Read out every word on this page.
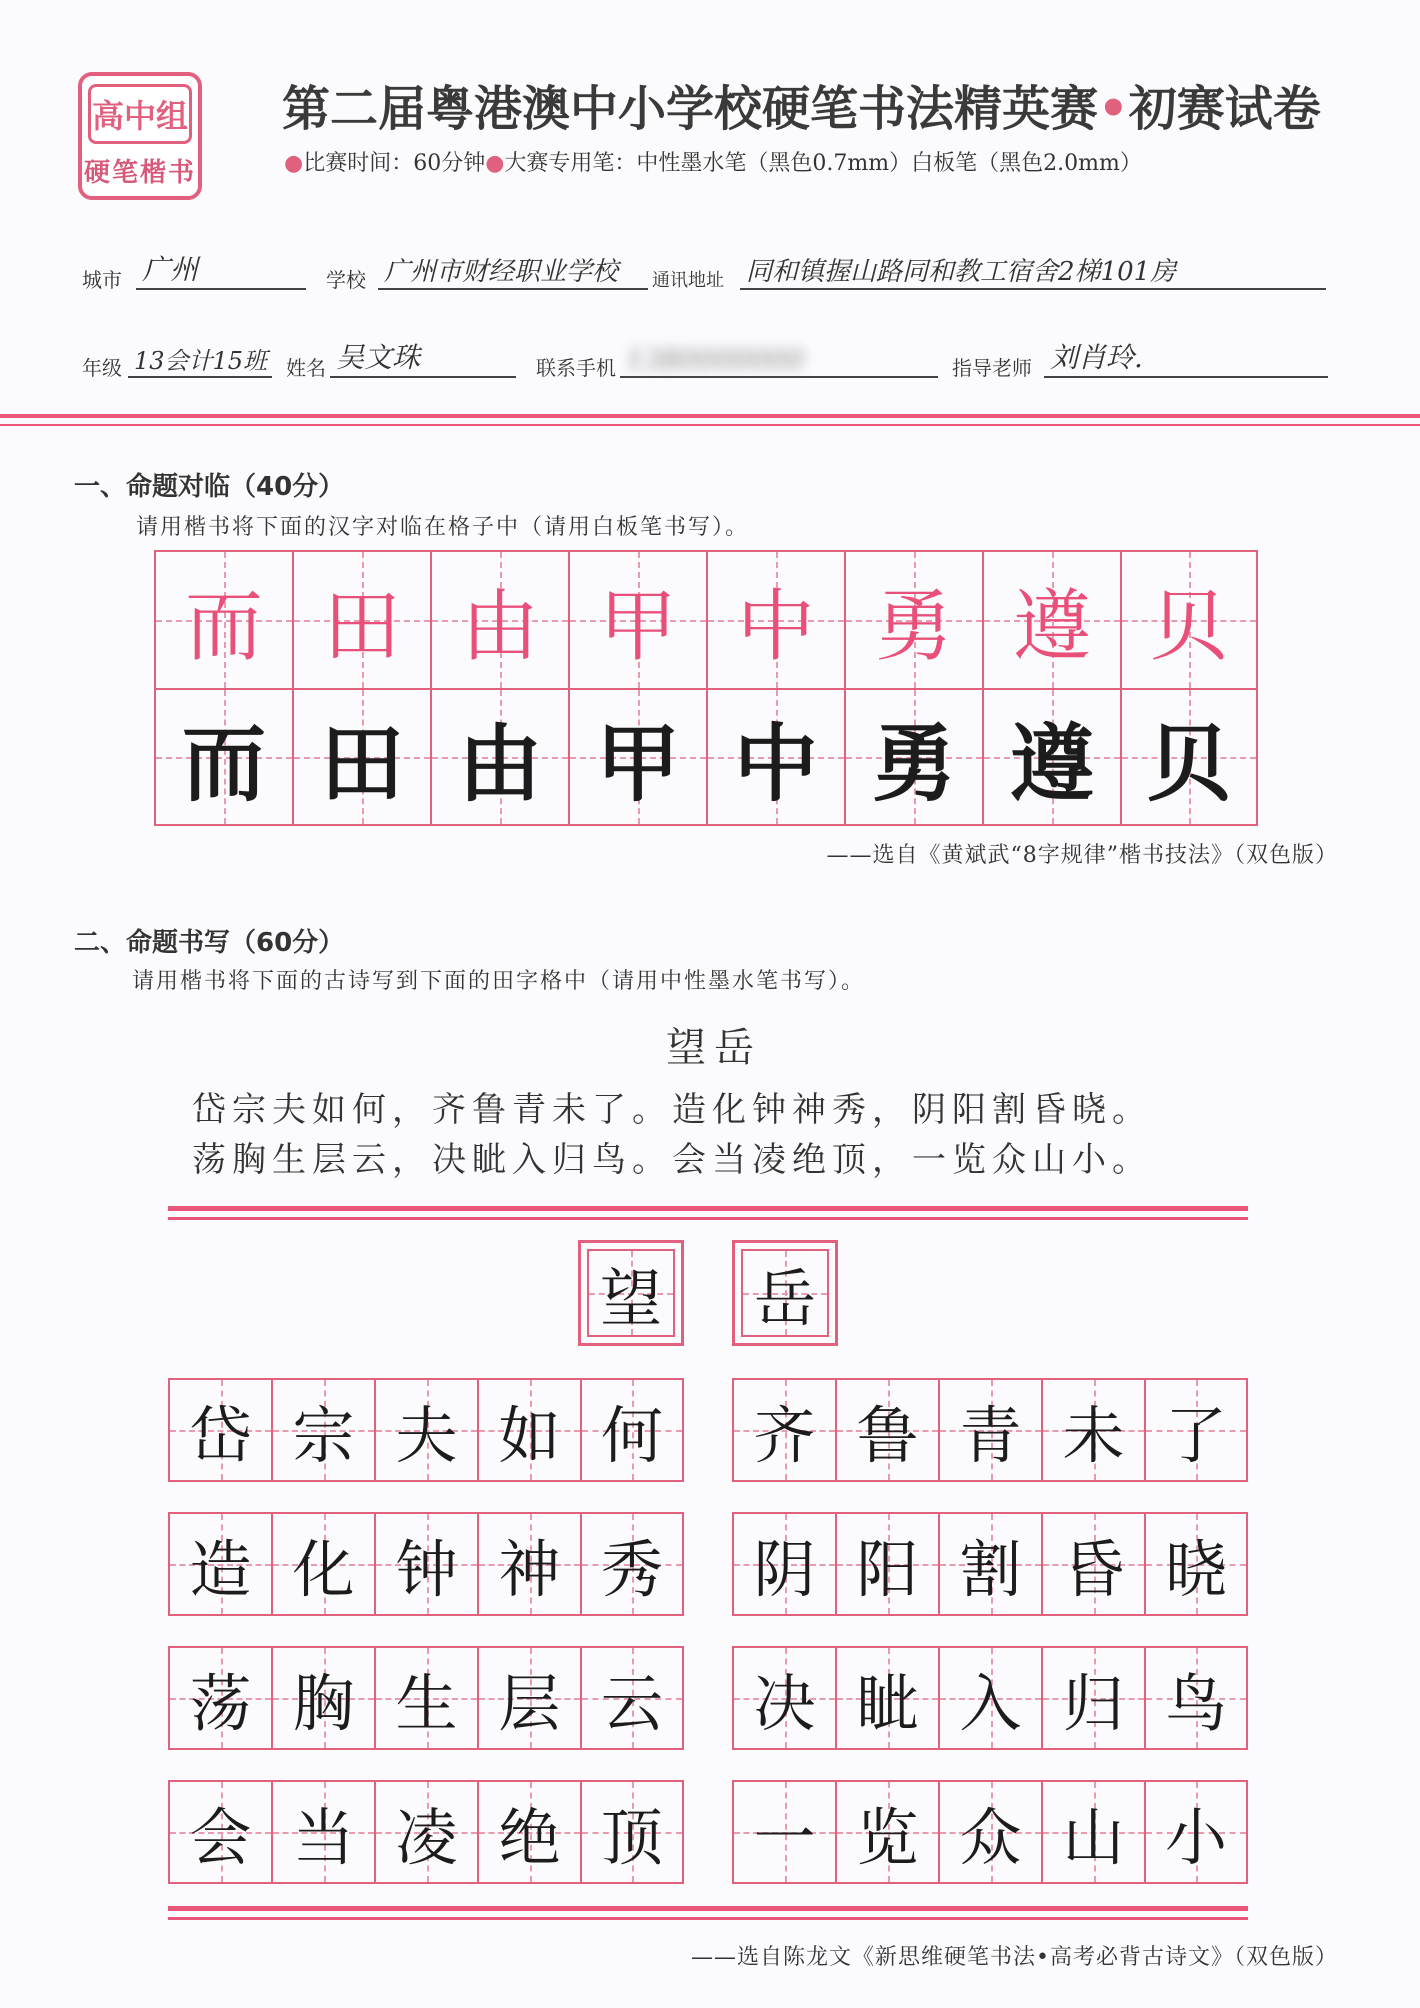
高中组
硬笔楷书
第二届粤港澳中小学校硬笔书法精英赛•初赛试卷
●比赛时间：60分钟●大赛专用笔：中性墨水笔（黑色0.7mm）白板笔（黑色2.0mm）
城市 广州	学校 广州市财经职业学校	通讯地址 同和镇握山路同和教工宿舍2梯101房
年级 13会计15班 姓名 吴文珠	联系手机 1380000000	指导老师 刘肖玲.
一、命题对临（40分）
请用楷书将下面的汉字对临在格子中（请用白板笔书写）。
而 田 由 甲 中 勇 遵 贝
而 田 由 甲 中 勇 遵 贝
——选自《黄斌武“8字规律”楷书技法》（双色版）
二、命题书写（60分）
请用楷书将下面的古诗写到下面的田字格中（请用中性墨水笔书写）。
望岳
岱宗夫如何，齐鲁青未了。造化钟神秀，阴阳割昏晓。
荡胸生层云，决眦入归鸟。会当凌绝顶，一览众山小。
望 岳
岱 宗 夫 如 何 齐 鲁 青 未 了
造 化 钟 神 秀 阴 阳 割 昏 晓
荡 胸 生 层 云 决 眦 入 归 鸟
会 当 凌 绝 顶 一 览 众 山 小
——选自陈龙文《新思维硬笔书法•高考必背古诗文》（双色版）
